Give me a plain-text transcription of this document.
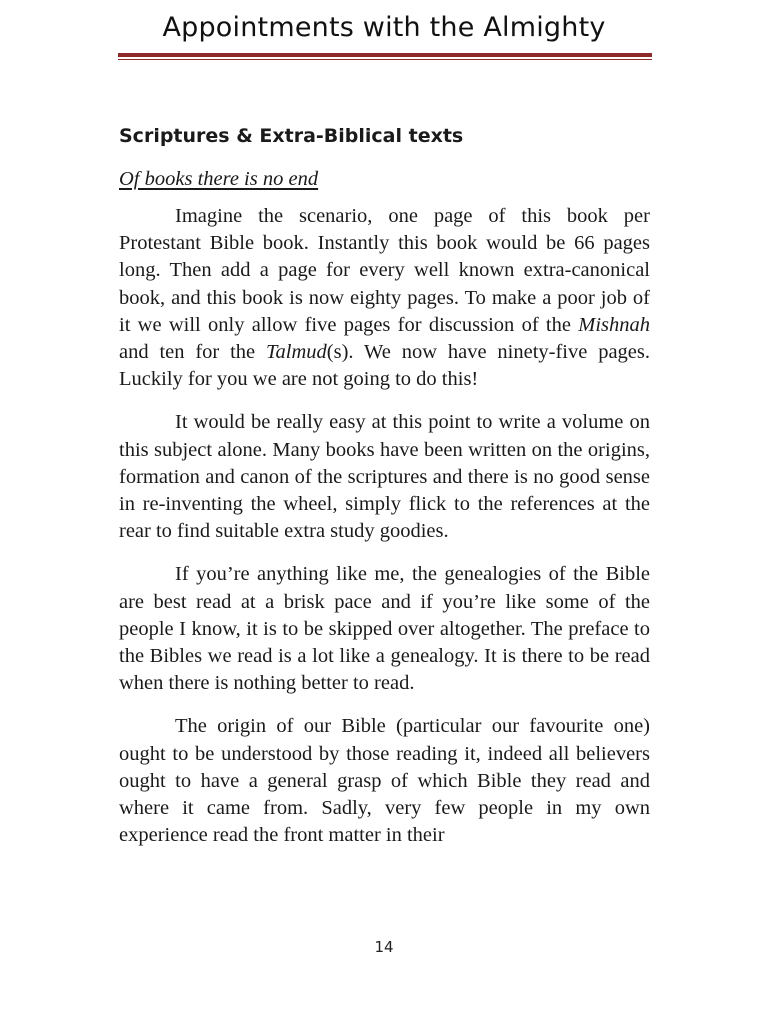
Appointments with the Almighty
Scriptures & Extra-Biblical texts
Of books there is no end

Imagine the scenario, one page of this book per Protestant Bible book. Instantly this book would be 66 pages long. Then add a page for every well known extra-canonical book, and this book is now eighty pages. To make a poor job of it we will only allow five pages for discussion of the Mishnah and ten for the Talmud(s). We now have ninety-five pages. Luckily for you we are not going to do this!

It would be really easy at this point to write a volume on this subject alone. Many books have been written on the origins, formation and canon of the scriptures and there is no good sense in re-inventing the wheel, simply flick to the references at the rear to find suitable extra study goodies.

If you’re anything like me, the genealogies of the Bible are best read at a brisk pace and if you’re like some of the people I know, it is to be skipped over altogether. The preface to the Bibles we read is a lot like a genealogy. It is there to be read when there is nothing better to read.

The origin of our Bible (particular our favourite one) ought to be understood by those reading it, indeed all believers ought to have a general grasp of which Bible they read and where it came from. Sadly, very few people in my own experience read the front matter in their

14
